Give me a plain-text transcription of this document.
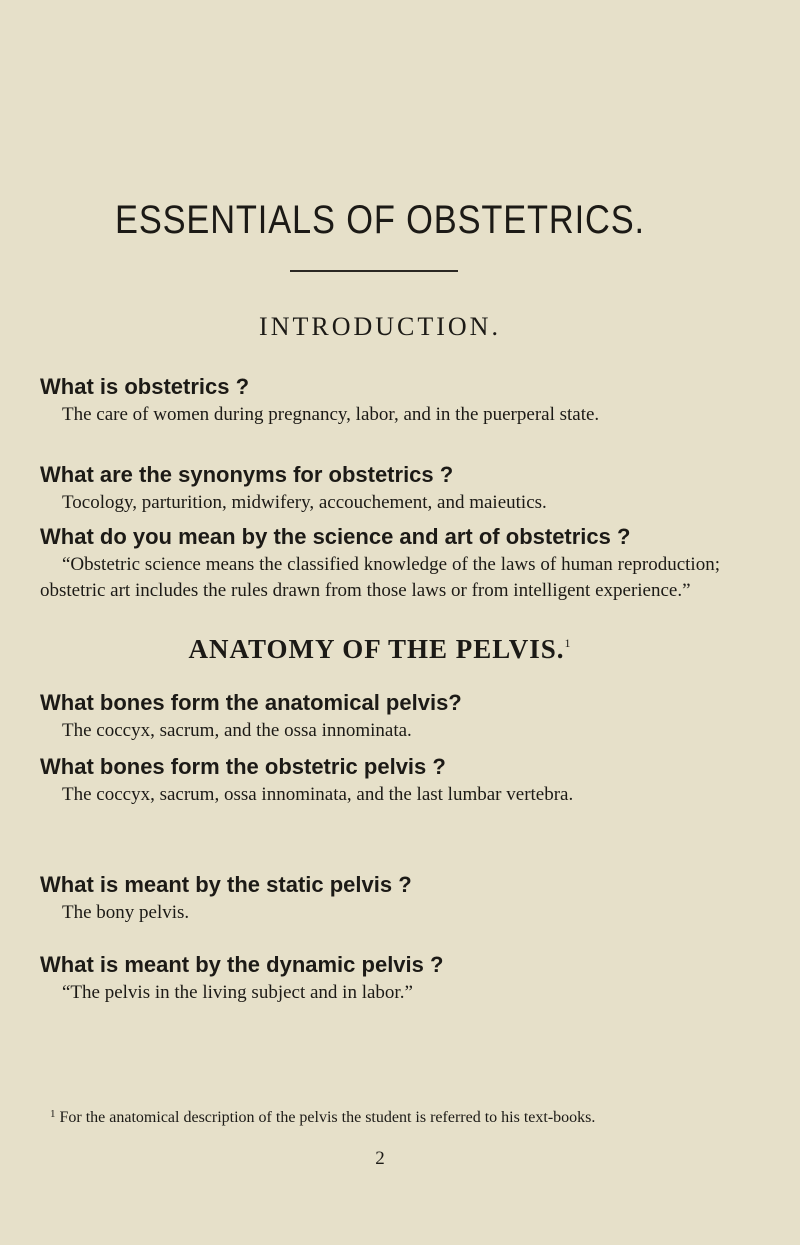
ESSENTIALS OF OBSTETRICS.
INTRODUCTION.

What is obstetrics ?

The care of women during pregnancy, labor, and in the puerperal state.

What are the synonyms for obstetrics ?

Tocology, parturition, midwifery, accouchement, and maieutics.

What do you mean by the science and art of obstetrics ?

“Obstetric science means the classified knowledge of the laws of human reproduction; obstetric art includes the rules drawn from those laws or from intelligent experience.”

ANATOMY OF THE PELVIS.$^1$

What bones form the anatomical pelvis?

The coccyx, sacrum, and the ossa innominata.

What bones form the obstetric pelvis ?

The coccyx, sacrum, ossa innominata, and the last lumbar vertebra.

What is meant by the static pelvis ?

The bony pelvis.

What is meant by the dynamic pelvis ?

“The pelvis in the living subject and in labor.”

$^1$ For the anatomical description of the pelvis the student is referred to his text-books.

2
